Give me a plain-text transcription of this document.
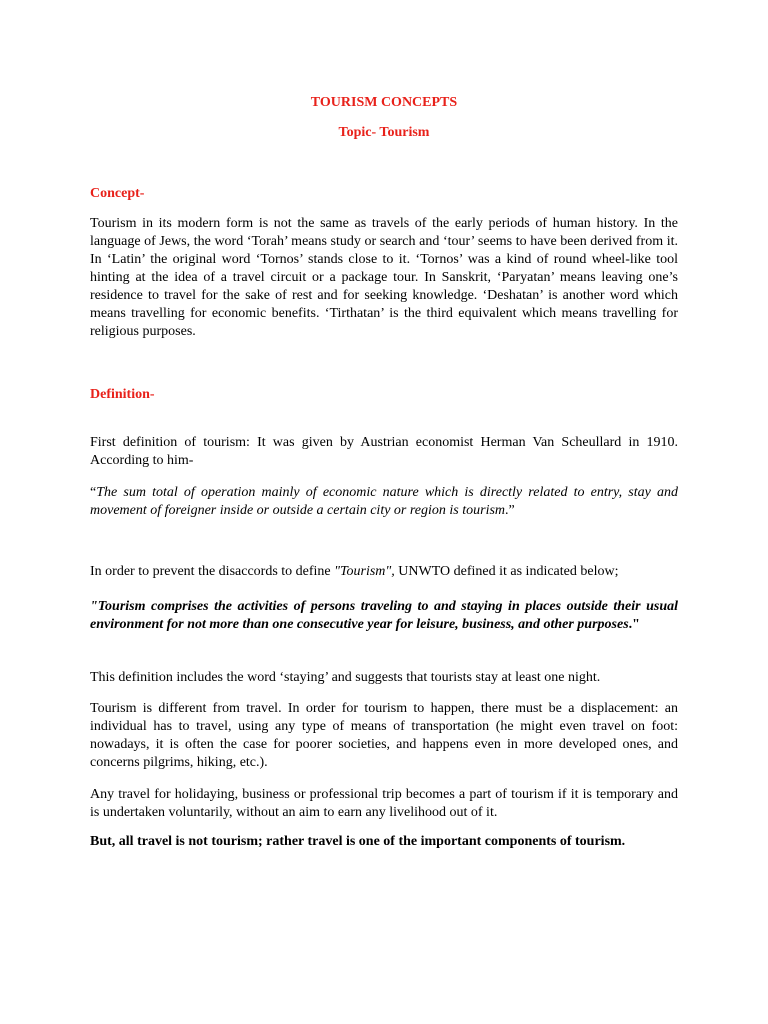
TOURISM CONCEPTS
Topic- Tourism
Concept-

Tourism in its modern form is not the same as travels of the early periods of human history. In the language of Jews, the word ‘Torah’ means study or search and ‘tour’ seems to have been derived from it. In ‘Latin’ the original word ‘Tornos’ stands close to it. ‘Tornos’ was a kind of round wheel-like tool hinting at the idea of a travel circuit or a package tour. In Sanskrit, ‘Paryatan’ means leaving one’s residence to travel for the sake of rest and for seeking knowledge. ‘Deshatan’ is another word which means travelling for economic benefits. ‘Tirthatan’ is the third equivalent which means travelling for religious purposes.

Definition-

First definition of tourism: It was given by Austrian economist Herman Van Scheullard in 1910. According to him-

“The sum total of operation mainly of economic nature which is directly related to entry, stay and movement of foreigner inside or outside a certain city or region is tourism.”

In order to prevent the disaccords to define "Tourism", UNWTO defined it as indicated below;

"Tourism comprises the activities of persons traveling to and staying in places outside their usual environment for not more than one consecutive year for leisure, business, and other purposes."

This definition includes the word ‘staying’ and suggests that tourists stay at least one night.

Tourism is different from travel. In order for tourism to happen, there must be a displacement: an individual has to travel, using any type of means of transportation (he might even travel on foot: nowadays, it is often the case for poorer societies, and happens even in more developed ones, and concerns pilgrims, hiking, etc.).

Any travel for holidaying, business or professional trip becomes a part of tourism if it is temporary and is undertaken voluntarily, without an aim to earn any livelihood out of it.

But, all travel is not tourism; rather travel is one of the important components of tourism.
